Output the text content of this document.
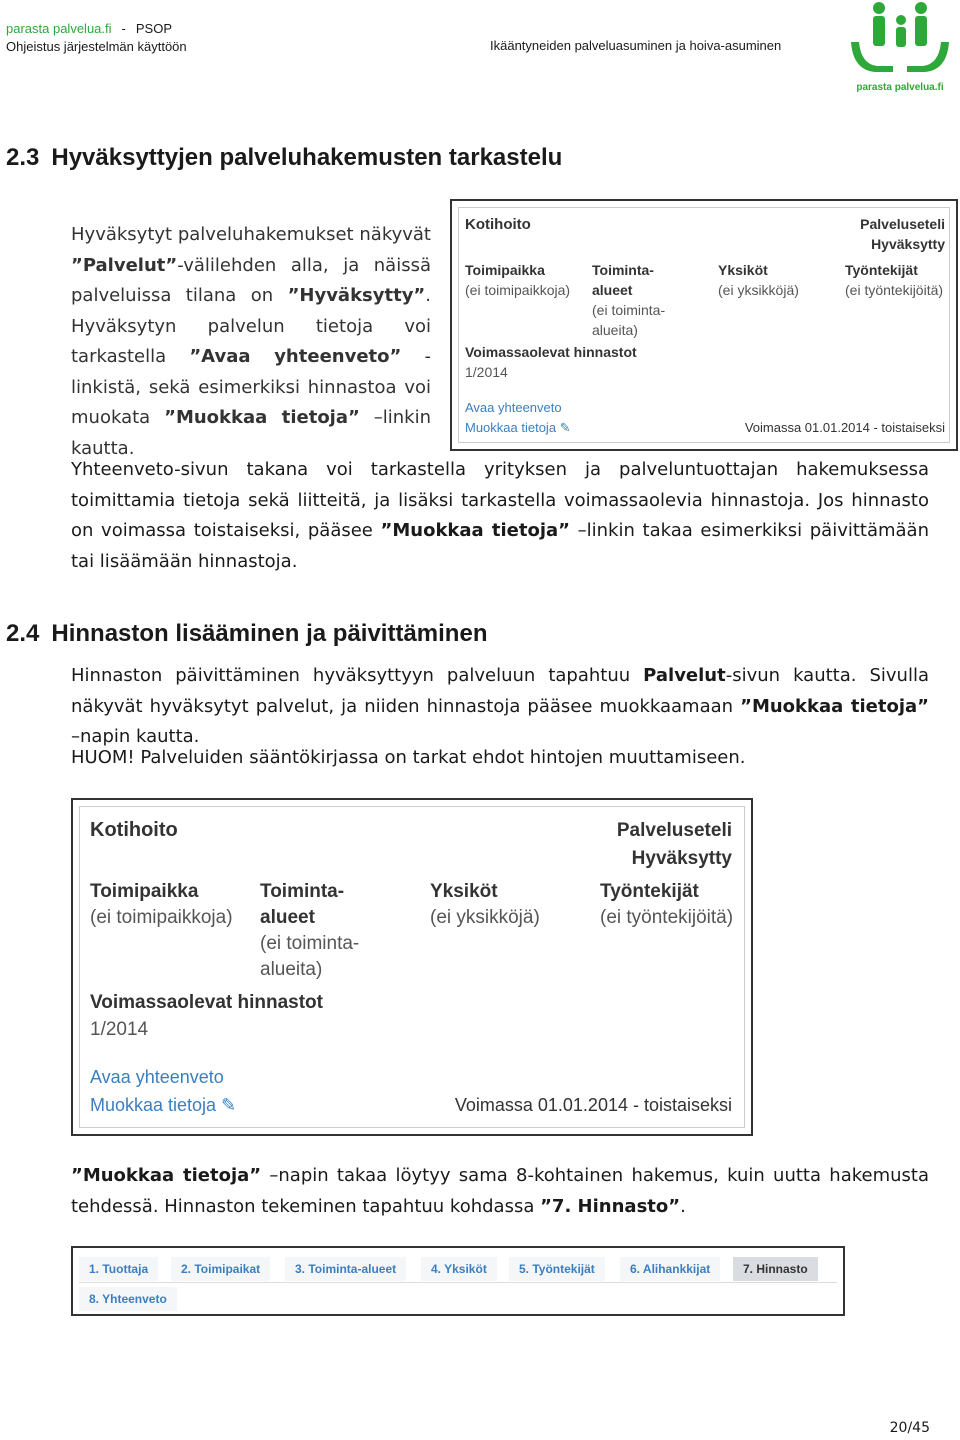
parasta palvelua.fi - PSOP
Ohjeistus järjestelmän käyttöön	Ikääntyneiden palveluasuminen ja hoiva-asuminen
parasta palvelua.fi
2.3 Hyväksyttyjen palveluhakemusten tarkastelu
Hyväksytyt palveluhakemukset näkyvät ”Palvelut”-välilehden alla, ja näissä palveluissa tilana on ”Hyväksytty”. Hyväksytyn palvelun tietoja voi tarkastella ”Avaa yhteenveto” -linkistä, sekä esimerkiksi hinnastoa voi muokata ”Muokkaa tietoja” –linkin kautta.
Kotihoito	Palveluseteli
Hyväksytty
Toimipaikka
(ei toimipaikkoja)
Toiminta-alueet
(ei toiminta-alueita)
Yksiköt
(ei yksikköjä)
Työntekijät
(ei työntekijöitä)
Voimassaolevat hinnastot
1/2014
Avaa yhteenveto
Muokkaa tietoja ✎	Voimassa 01.01.2014 - toistaiseksi
Yhteenveto-sivun takana voi tarkastella yrityksen ja palveluntuottajan hakemuksessa toimittamia tietoja sekä liitteitä, ja lisäksi tarkastella voimassaolevia hinnastoja. Jos hinnasto on voimassa toistaiseksi, pääsee ”Muokkaa tietoja” –linkin takaa esimerkiksi päivittämään tai lisäämään hinnastoja.
2.4 Hinnaston lisääminen ja päivittäminen
Hinnaston päivittäminen hyväksyttyyn palveluun tapahtuu Palvelut-sivun kautta. Sivulla näkyvät hyväksytyt palvelut, ja niiden hinnastoja pääsee muokkaamaan ”Muokkaa tietoja” –napin kautta.
HUOM! Palveluiden sääntökirjassa on tarkat ehdot hintojen muuttamiseen.
Kotihoito	Palveluseteli
Hyväksytty
Toimipaikka
(ei toimipaikkoja)
Toiminta-alueet
(ei toiminta-alueita)
Yksiköt
(ei yksikköjä)
Työntekijät
(ei työntekijöitä)
Voimassaolevat hinnastot
1/2014
Avaa yhteenveto
Muokkaa tietoja ✎	Voimassa 01.01.2014 - toistaiseksi
”Muokkaa tietoja” –napin takaa löytyy sama 8-kohtainen hakemus, kuin uutta hakemusta tehdessä. Hinnaston tekeminen tapahtuu kohdassa ”7. Hinnasto”.
1. Tuottaja	2. Toimipaikat	3. Toiminta-alueet	4. Yksiköt	5. Työntekijät	6. Alihankkijat	7. Hinnasto
8. Yhteenveto
20/45
